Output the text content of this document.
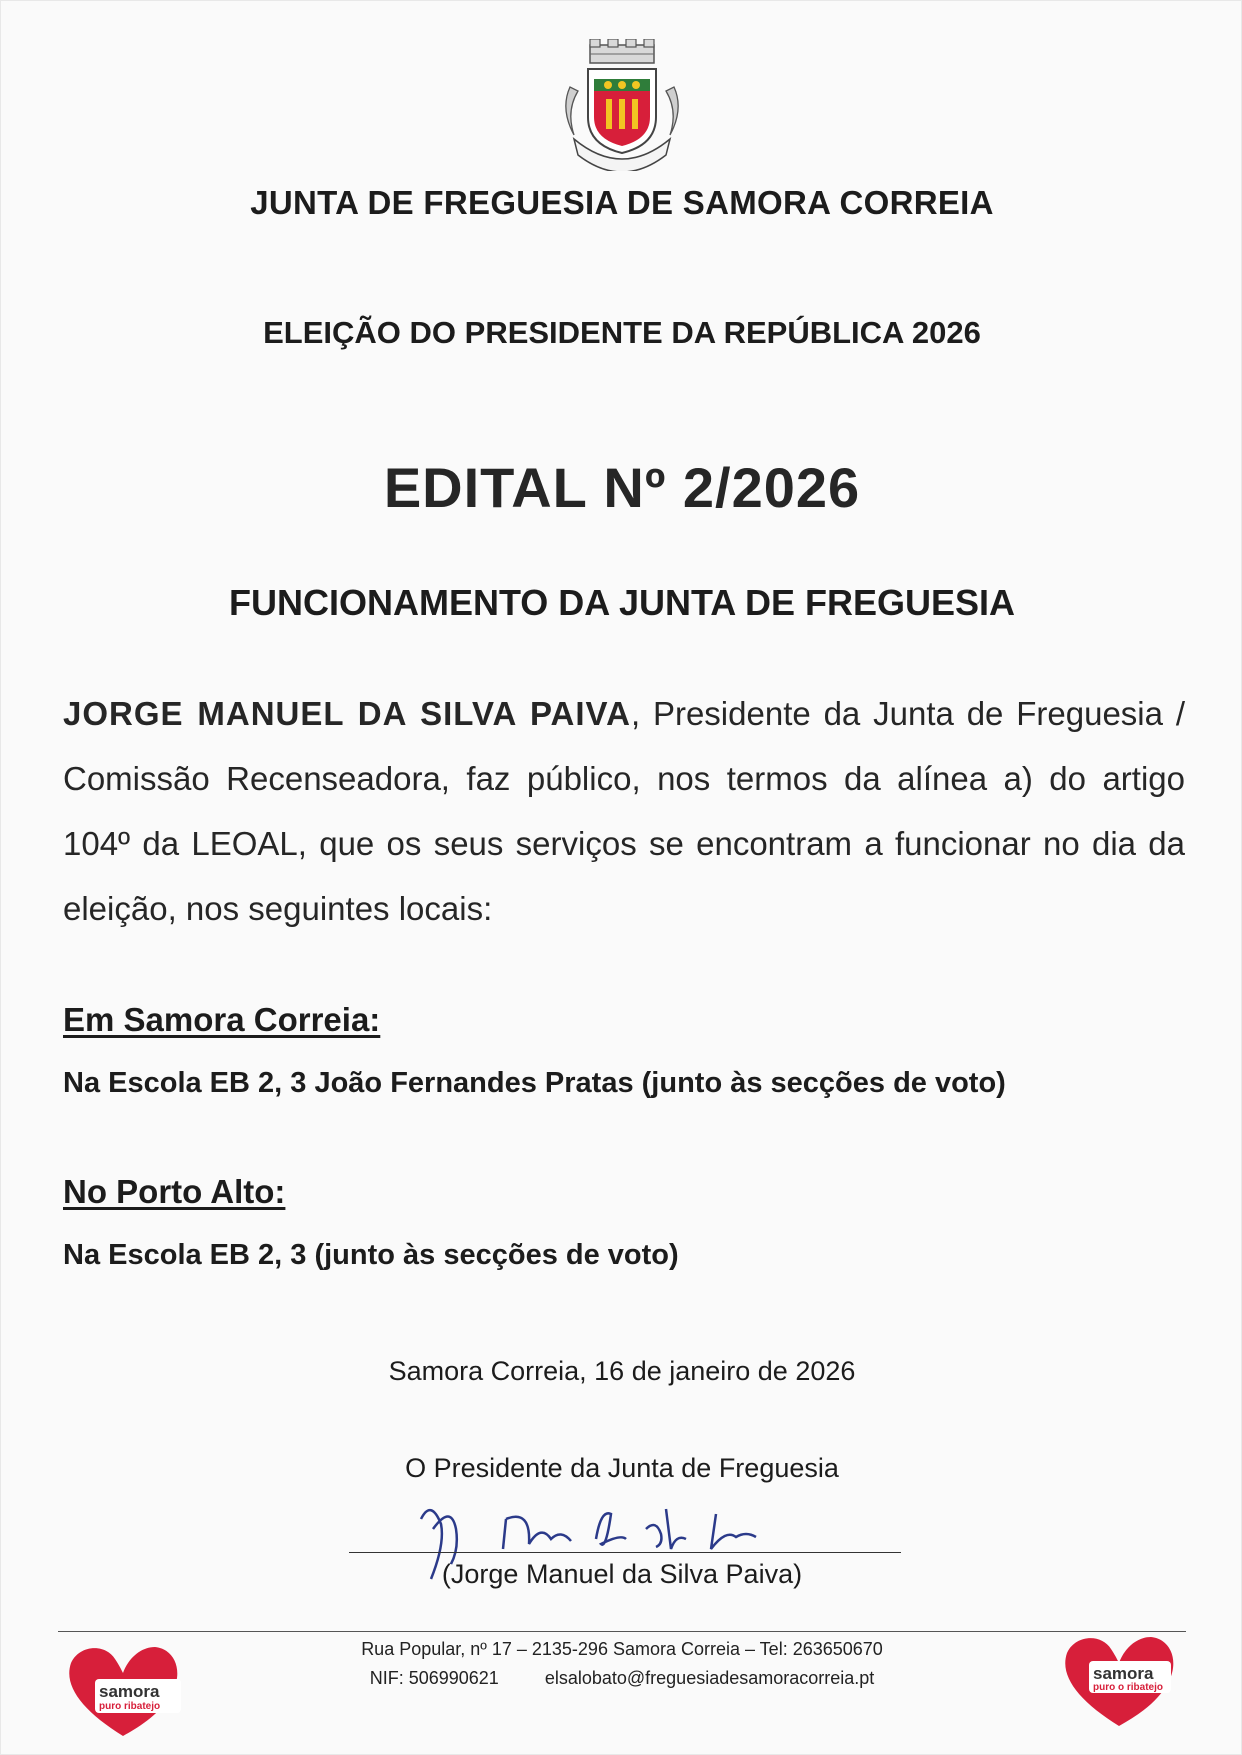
JUNTA DE FREGUESIA DE SAMORA CORREIA
ELEIÇÃO DO PRESIDENTE DA REPÚBLICA 2026
EDITAL Nº 2/2026
FUNCIONAMENTO DA JUNTA DE FREGUESIA

JORGE MANUEL DA SILVA PAIVA, Presidente da Junta de Freguesia / Comissão Recenseadora, faz público, nos termos da alínea a) do artigo 104º da LEOAL, que os seus serviços se encontram a funcionar no dia da eleição, nos seguintes locais:

Em Samora Correia:
Na Escola EB 2, 3 João Fernandes Pratas (junto às secções de voto)
No Porto Alto:
Na Escola EB 2, 3 (junto às secções de voto)
Samora Correia, 16 de janeiro de 2026
O Presidente da Junta de Freguesia
(Jorge Manuel da Silva Paiva)
Rua Popular, nº 17 – 2135-296 Samora Correia – Tel: 263650670
NIF: 506990621	elsalobato@freguesiadesamoracorreia.pt
samora
puro ribatejo
samora
puro o ribatejo
